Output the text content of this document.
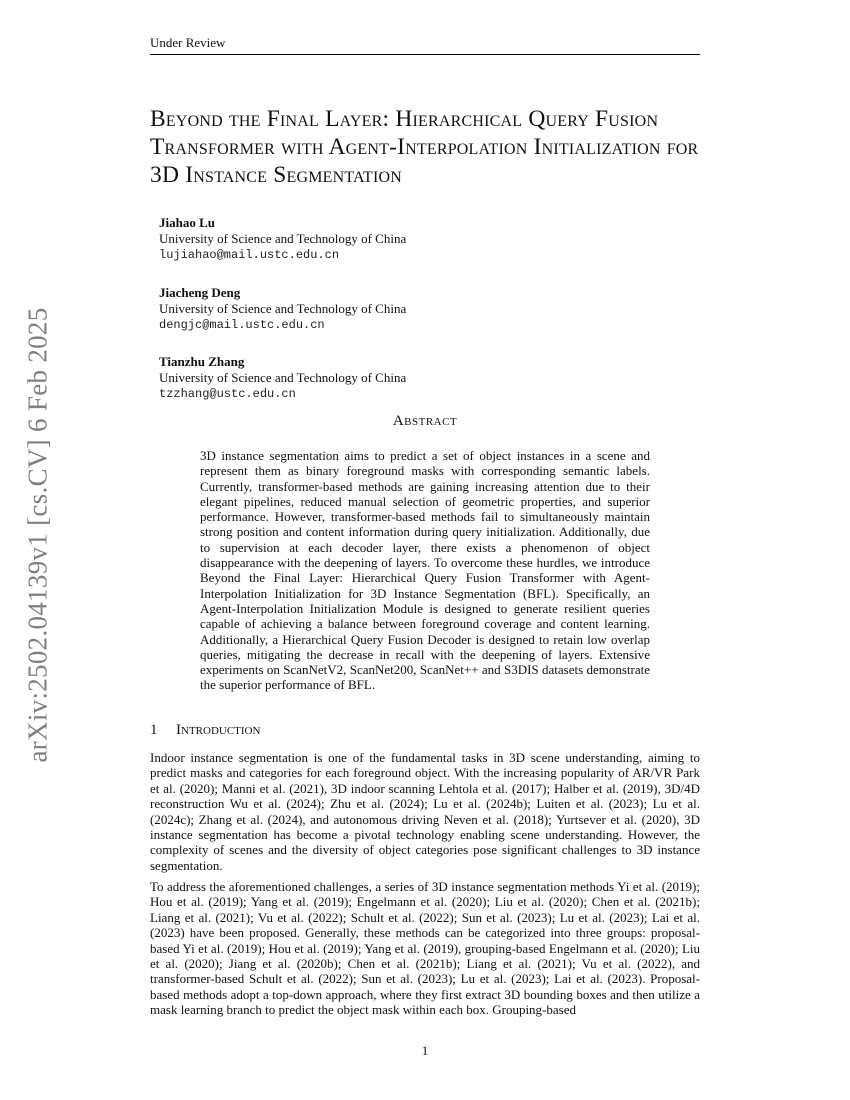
Under Review
arXiv:2502.04139v1 [cs.CV] 6 Feb 2025
Beyond the Final Layer: Hierarchical Query Fusion Transformer with Agent-Interpolation Initialization for 3D Instance Segmentation
Jiahao Lu
University of Science and Technology of China
lujiahao@mail.ustc.edu.cn
Jiacheng Deng
University of Science and Technology of China
dengjc@mail.ustc.edu.cn
Tianzhu Zhang
University of Science and Technology of China
tzzhang@ustc.edu.cn
Abstract
3D instance segmentation aims to predict a set of object instances in a scene and represent them as binary foreground masks with corresponding semantic labels. Currently, transformer-based methods are gaining increasing attention due to their elegant pipelines, reduced manual selection of geometric properties, and superior performance. However, transformer-based methods fail to simultaneously maintain strong position and content information during query initialization. Additionally, due to supervision at each decoder layer, there exists a phenomenon of object disappearance with the deepening of layers. To overcome these hurdles, we introduce Beyond the Final Layer: Hierarchical Query Fusion Transformer with Agent-Interpolation Initialization for 3D Instance Segmentation (BFL). Specifically, an Agent-Interpolation Initialization Module is designed to generate resilient queries capable of achieving a balance between foreground coverage and content learning. Additionally, a Hierarchical Query Fusion Decoder is designed to retain low overlap queries, mitigating the decrease in recall with the deepening of layers. Extensive experiments on ScanNetV2, ScanNet200, ScanNet++ and S3DIS datasets demonstrate the superior performance of BFL.
1 Introduction
Indoor instance segmentation is one of the fundamental tasks in 3D scene understanding, aiming to predict masks and categories for each foreground object. With the increasing popularity of AR/VR Park et al. (2020); Manni et al. (2021), 3D indoor scanning Lehtola et al. (2017); Halber et al. (2019), 3D/4D reconstruction Wu et al. (2024); Zhu et al. (2024); Lu et al. (2024b); Luiten et al. (2023); Lu et al. (2024c); Zhang et al. (2024), and autonomous driving Neven et al. (2018); Yurtsever et al. (2020), 3D instance segmentation has become a pivotal technology enabling scene understanding. However, the complexity of scenes and the diversity of object categories pose significant challenges to 3D instance segmentation.
To address the aforementioned challenges, a series of 3D instance segmentation methods Yi et al. (2019); Hou et al. (2019); Yang et al. (2019); Engelmann et al. (2020); Liu et al. (2020); Chen et al. (2021b); Liang et al. (2021); Vu et al. (2022); Schult et al. (2022); Sun et al. (2023); Lu et al. (2023); Lai et al. (2023) have been proposed. Generally, these methods can be categorized into three groups: proposal-based Yi et al. (2019); Hou et al. (2019); Yang et al. (2019), grouping-based Engelmann et al. (2020); Liu et al. (2020); Jiang et al. (2020b); Chen et al. (2021b); Liang et al. (2021); Vu et al. (2022), and transformer-based Schult et al. (2022); Sun et al. (2023); Lu et al. (2023); Lai et al. (2023). Proposal-based methods adopt a top-down approach, where they first extract 3D bounding boxes and then utilize a mask learning branch to predict the object mask within each box. Grouping-based
1
